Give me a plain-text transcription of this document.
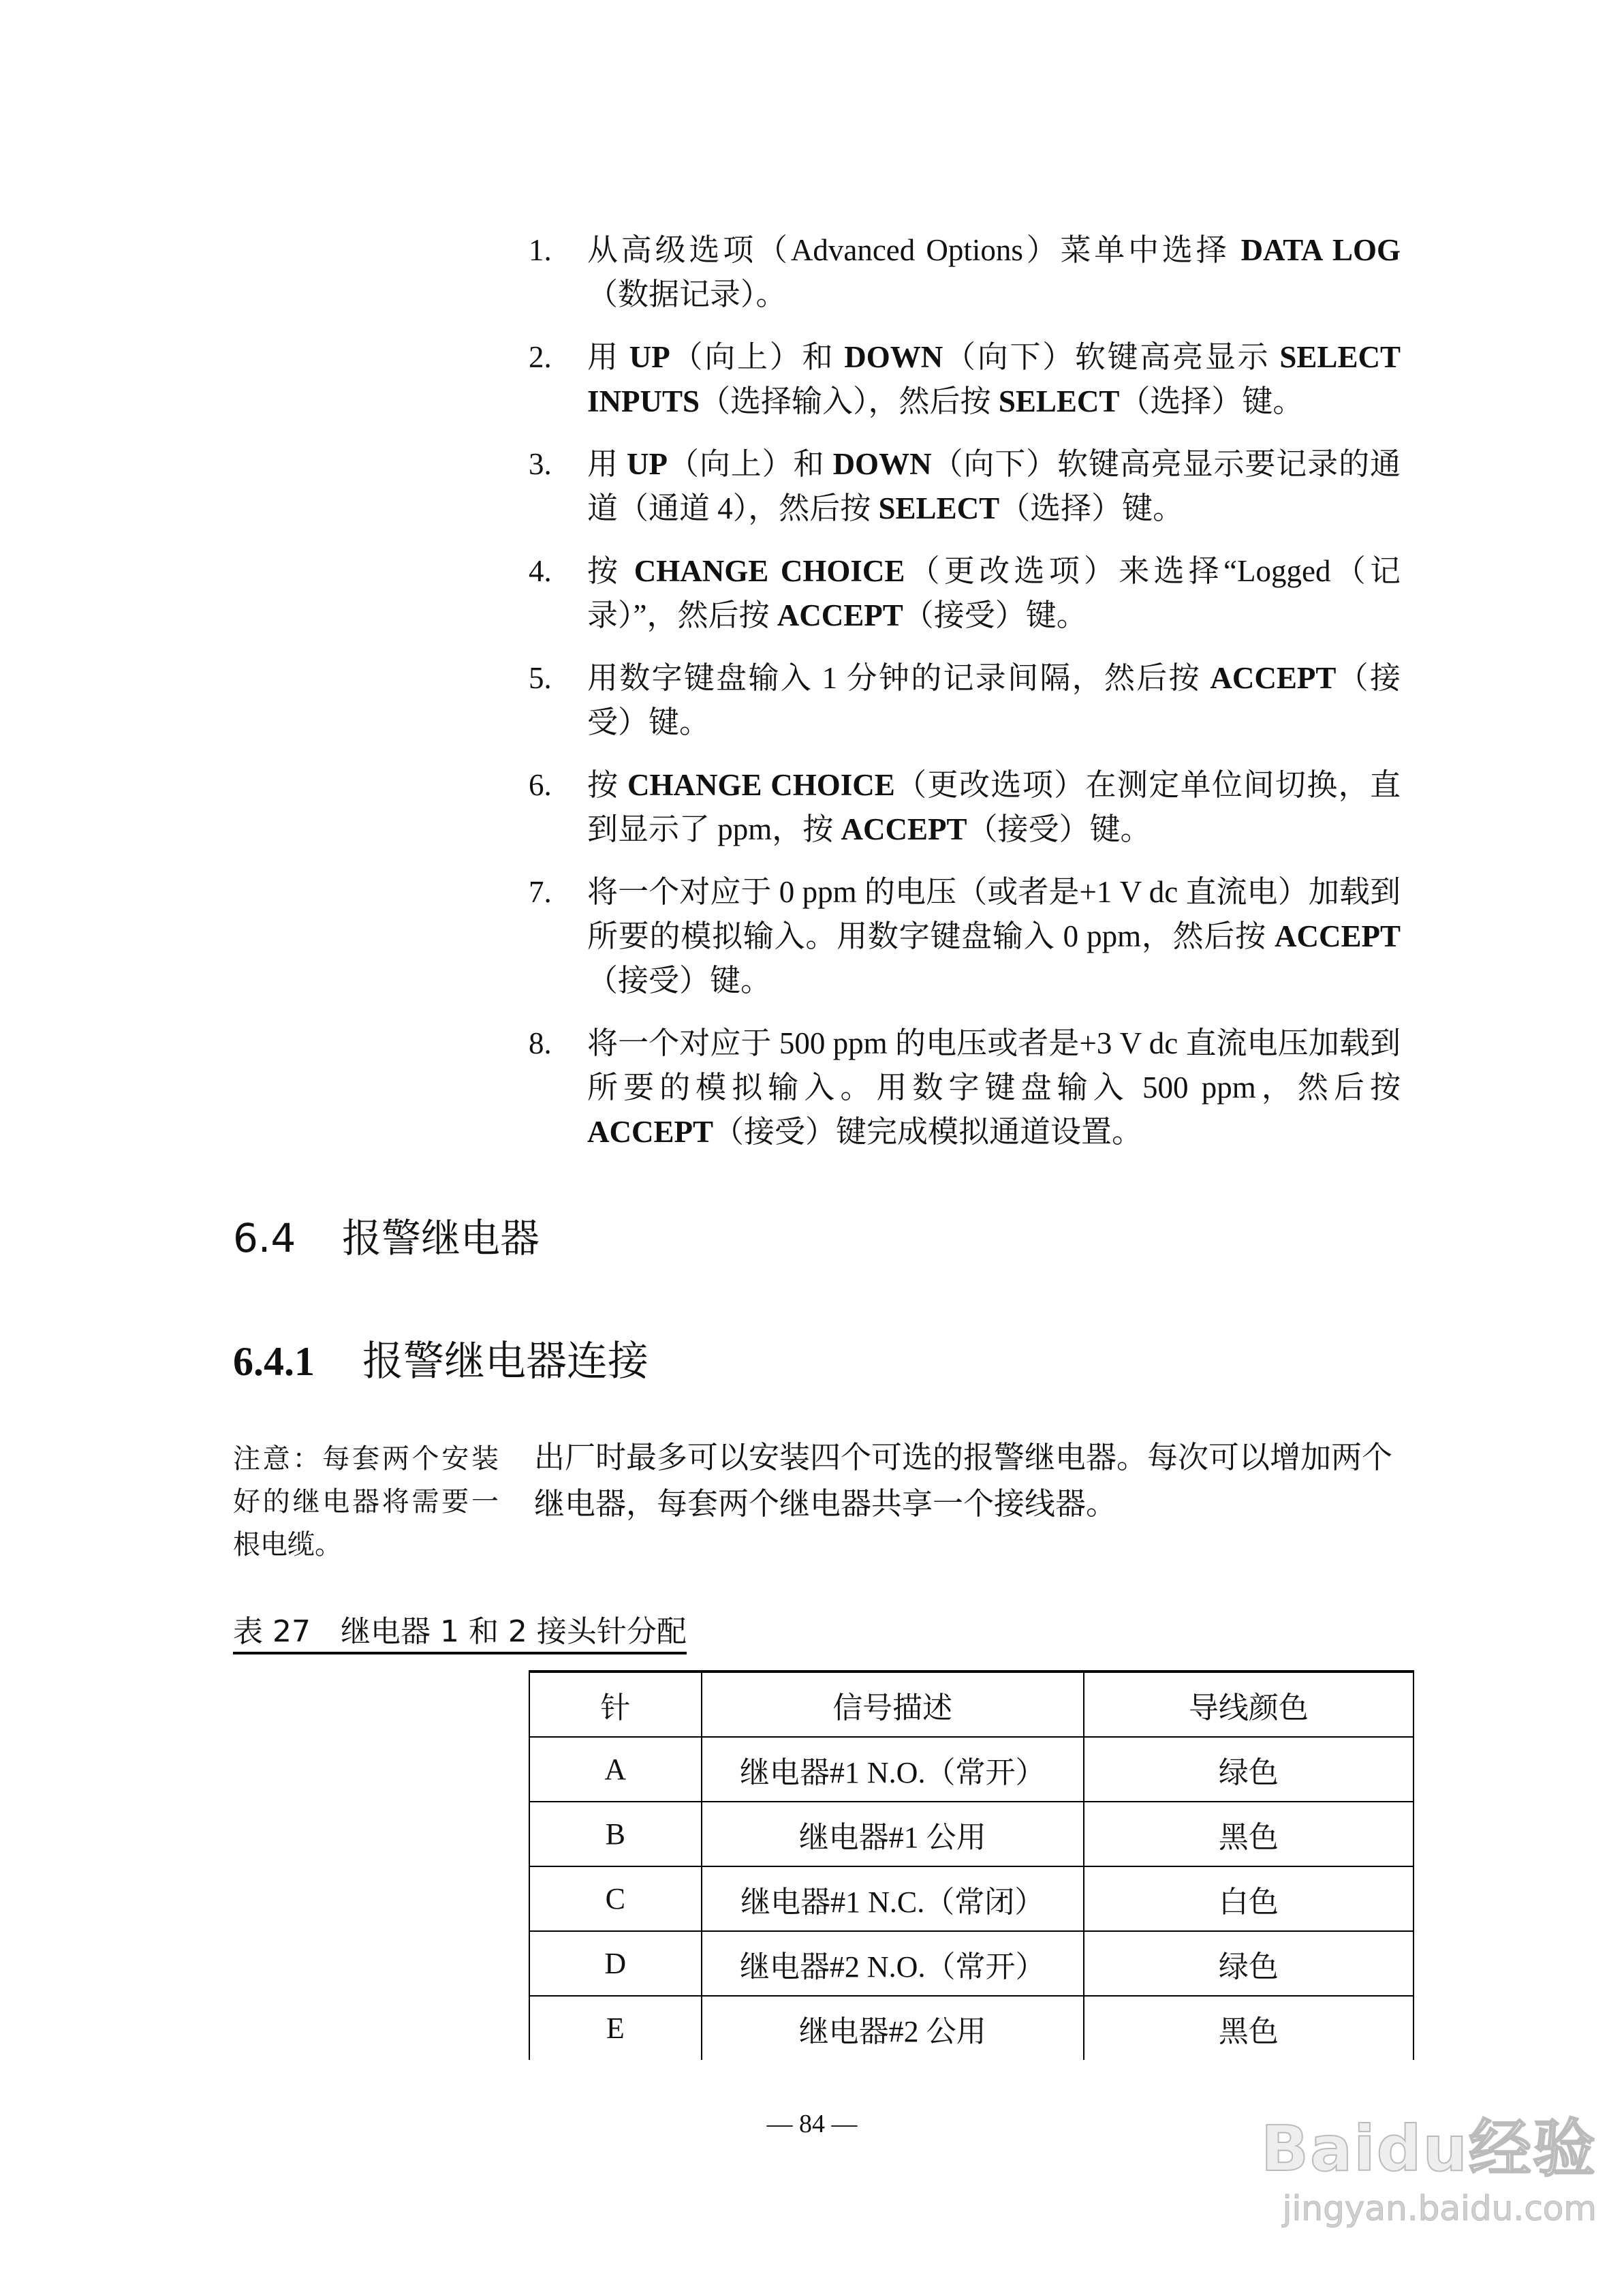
1.	从高级选项（Advanced Options）菜单中选择 DATA LOG（数据记录）。
2.	用 UP（向上）和 DOWN（向下）软键高亮显示 SELECT INPUTS（选择输入），然后按 SELECT（选择）键。
3.	用 UP（向上）和 DOWN（向下）软键高亮显示要记录的通道（通道 4），然后按 SELECT（选择）键。
4.	按 CHANGE CHOICE（更改选项）来选择“Logged（记录）”，然后按 ACCEPT（接受）键。
5.	用数字键盘输入 1 分钟的记录间隔，然后按 ACCEPT（接受）键。
6.	按 CHANGE CHOICE（更改选项）在测定单位间切换，直到显示了 ppm，按 ACCEPT（接受）键。
7.	将一个对应于 0 ppm 的电压（或者是+1 V dc 直流电）加载到所要的模拟输入。用数字键盘输入 0 ppm，然后按 ACCEPT（接受）键。
8.	将一个对应于 500 ppm 的电压或者是+3 V dc 直流电压加载到所要的模拟输入。用数字键盘输入 500 ppm，然后按 ACCEPT（接受）键完成模拟通道设置。
6.4 报警继电器
6.4.1 报警继电器连接
注意：每套两个安装好的继电器将需要一根电缆。
出厂时最多可以安装四个可选的报警继电器。每次可以增加两个继电器，每套两个继电器共享一个接线器。
表 27　继电器 1 和 2 接头针分配
针	信号描述	导线颜色
A	继电器#1 N.O.（常开）	绿色
B	继电器#1 公用	黑色
C	继电器#1 N.C.（常闭）	白色
D	继电器#2 N.O.（常开）	绿色
E	继电器#2 公用	黑色
— 84 —	Baidu经验
jingyan.baidu.com
